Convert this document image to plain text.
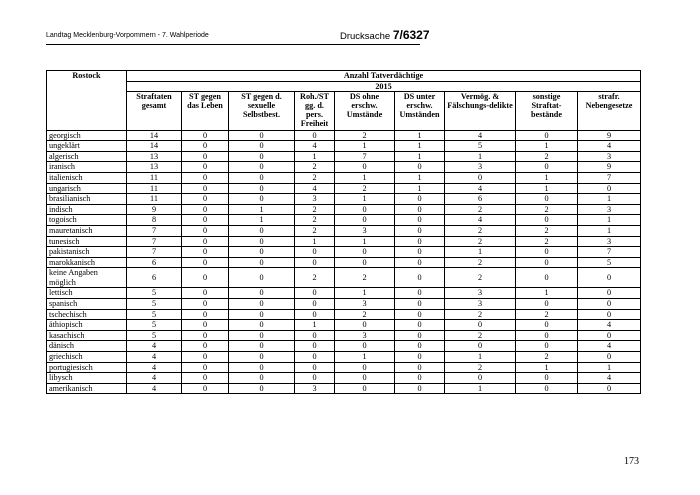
Landtag Mecklenburg-Vorpommern - 7. Wahlperiode	Drucksache 7/6327
Rostock	Anzahl Tatverdächtige								
	2015								
	Straftaten gesamt	ST gegen das Leben	ST gegen d. sexuelle Selbstbest.	Roh./ST gg. d. pers. Freiheit	DS ohne erschw. Umstände	DS unter erschw. Umständen	Vermög. & Fälschungs-delikte	sonstige Straftat-bestände	strafr. Nebengesetze
georgisch	14	0	0	0	2	1	4	0	9
ungeklärt	14	0	0	4	1	1	5	1	4
algerisch	13	0	0	1	7	1	1	2	3
iranisch	13	0	0	2	0	0	3	0	9
italienisch	11	0	0	2	1	1	0	1	7
ungarisch	11	0	0	4	2	1	4	1	0
brasilianisch	11	0	0	3	1	0	6	0	1
indisch	9	0	1	2	0	0	2	2	3
togoisch	8	0	1	2	0	0	4	0	1
mauretanisch	7	0	0	2	3	0	2	2	1
tunesisch	7	0	0	1	1	0	2	2	3
pakistanisch	7	0	0	0	0	0	1	0	7
marokkanisch	6	0	0	0	0	0	2	0	5
keine Angaben möglich	6	0	0	2	2	0	2	0	0
lettisch	5	0	0	0	1	0	3	1	0
spanisch	5	0	0	0	3	0	3	0	0
tschechisch	5	0	0	0	2	0	2	2	0
äthiopisch	5	0	0	1	0	0	0	0	4
kasachisch	5	0	0	0	3	0	2	0	0
dänisch	4	0	0	0	0	0	0	0	4
griechisch	4	0	0	0	1	0	1	2	0
portugiesisch	4	0	0	0	0	0	2	1	1
libysch	4	0	0	0	0	0	0	0	4
amerikanisch	4	0	0	3	0	0	1	0	0
173
